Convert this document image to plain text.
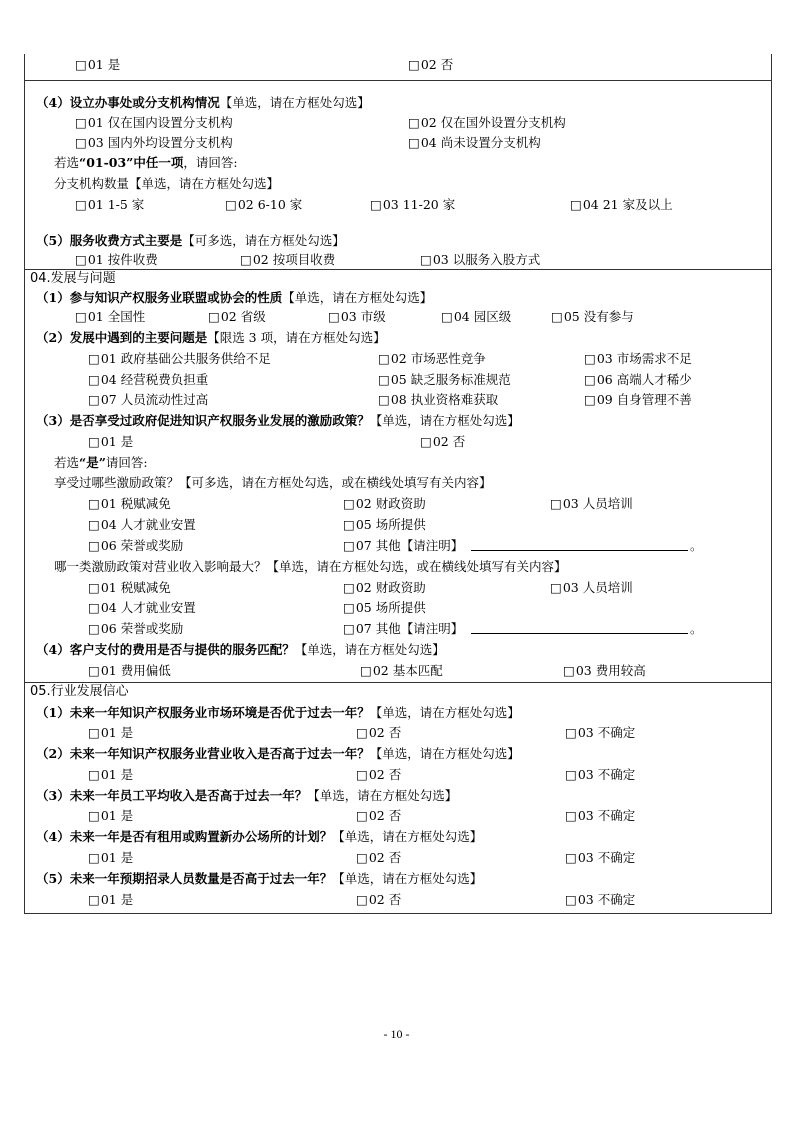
□ 01 是	□ 02 否
（4）设立办事处或分支机构情况【单选，请在方框处勾选】
□ 01 仅在国内设置分支机构	□ 02 仅在国外设置分支机构
□ 03 国内外均设置分支机构	□ 04 尚未设置分支机构
若选“01-03”中任一项，请回答:
分支机构数量【单选，请在方框处勾选】
□ 01 1-5 家	□ 02 6-10 家	□ 03 11-20 家	□ 04 21 家及以上
（5）服务收费方式主要是【可多选，请在方框处勾选】
□ 01 按件收费	□ 02 按项目收费	□ 03 以服务入股方式
04.发展与问题
（1）参与知识产权服务业联盟或协会的性质【单选，请在方框处勾选】
□ 01 全国性	□ 02 省级	□ 03 市级	□ 04 园区级	□ 05 没有参与
（2）发展中遇到的主要问题是【限选 3 项，请在方框处勾选】
□ 01 政府基础公共服务供给不足	□ 02 市场恶性竞争	□ 03 市场需求不足
□ 04 经营税费负担重	□ 05 缺乏服务标准规范	□ 06 高端人才稀少
□ 07 人员流动性过高	□ 08 执业资格难获取	□ 09 自身管理不善
（3）是否享受过政府促进知识产权服务业发展的激励政策？【单选，请在方框处勾选】
□ 01 是	□ 02 否
若选“是”请回答:
享受过哪些激励政策？【可多选，请在方框处勾选，或在横线处填写有关内容】
□ 01 税赋减免	□ 02 财政资助	□ 03 人员培训
□ 04 人才就业安置	□ 05 场所提供
□ 06 荣誉或奖励	□ 07 其他【请注明】	。
哪一类激励政策对营业收入影响最大？【单选，请在方框处勾选，或在横线处填写有关内容】
□ 01 税赋减免	□ 02 财政资助	□ 03 人员培训
□ 04 人才就业安置	□ 05 场所提供
□ 06 荣誉或奖励	□ 07 其他【请注明】	。
（4）客户支付的费用是否与提供的服务匹配？【单选，请在方框处勾选】
□ 01 费用偏低	□ 02 基本匹配	□ 03 费用较高
05.行业发展信心
（1）未来一年知识产权服务业市场环境是否优于过去一年？【单选，请在方框处勾选】
□ 01 是	□ 02 否	□ 03 不确定
（2）未来一年知识产权服务业营业收入是否高于过去一年？【单选，请在方框处勾选】
□ 01 是	□ 02 否	□ 03 不确定
（3）未来一年员工平均收入是否高于过去一年？【单选，请在方框处勾选】
□ 01 是	□ 02 否	□ 03 不确定
（4）未来一年是否有租用或购置新办公场所的计划？【单选，请在方框处勾选】
□ 01 是	□ 02 否	□ 03 不确定
（5）未来一年预期招录人员数量是否高于过去一年？【单选，请在方框处勾选】
□ 01 是	□ 02 否	□ 03 不确定
- 10 -
